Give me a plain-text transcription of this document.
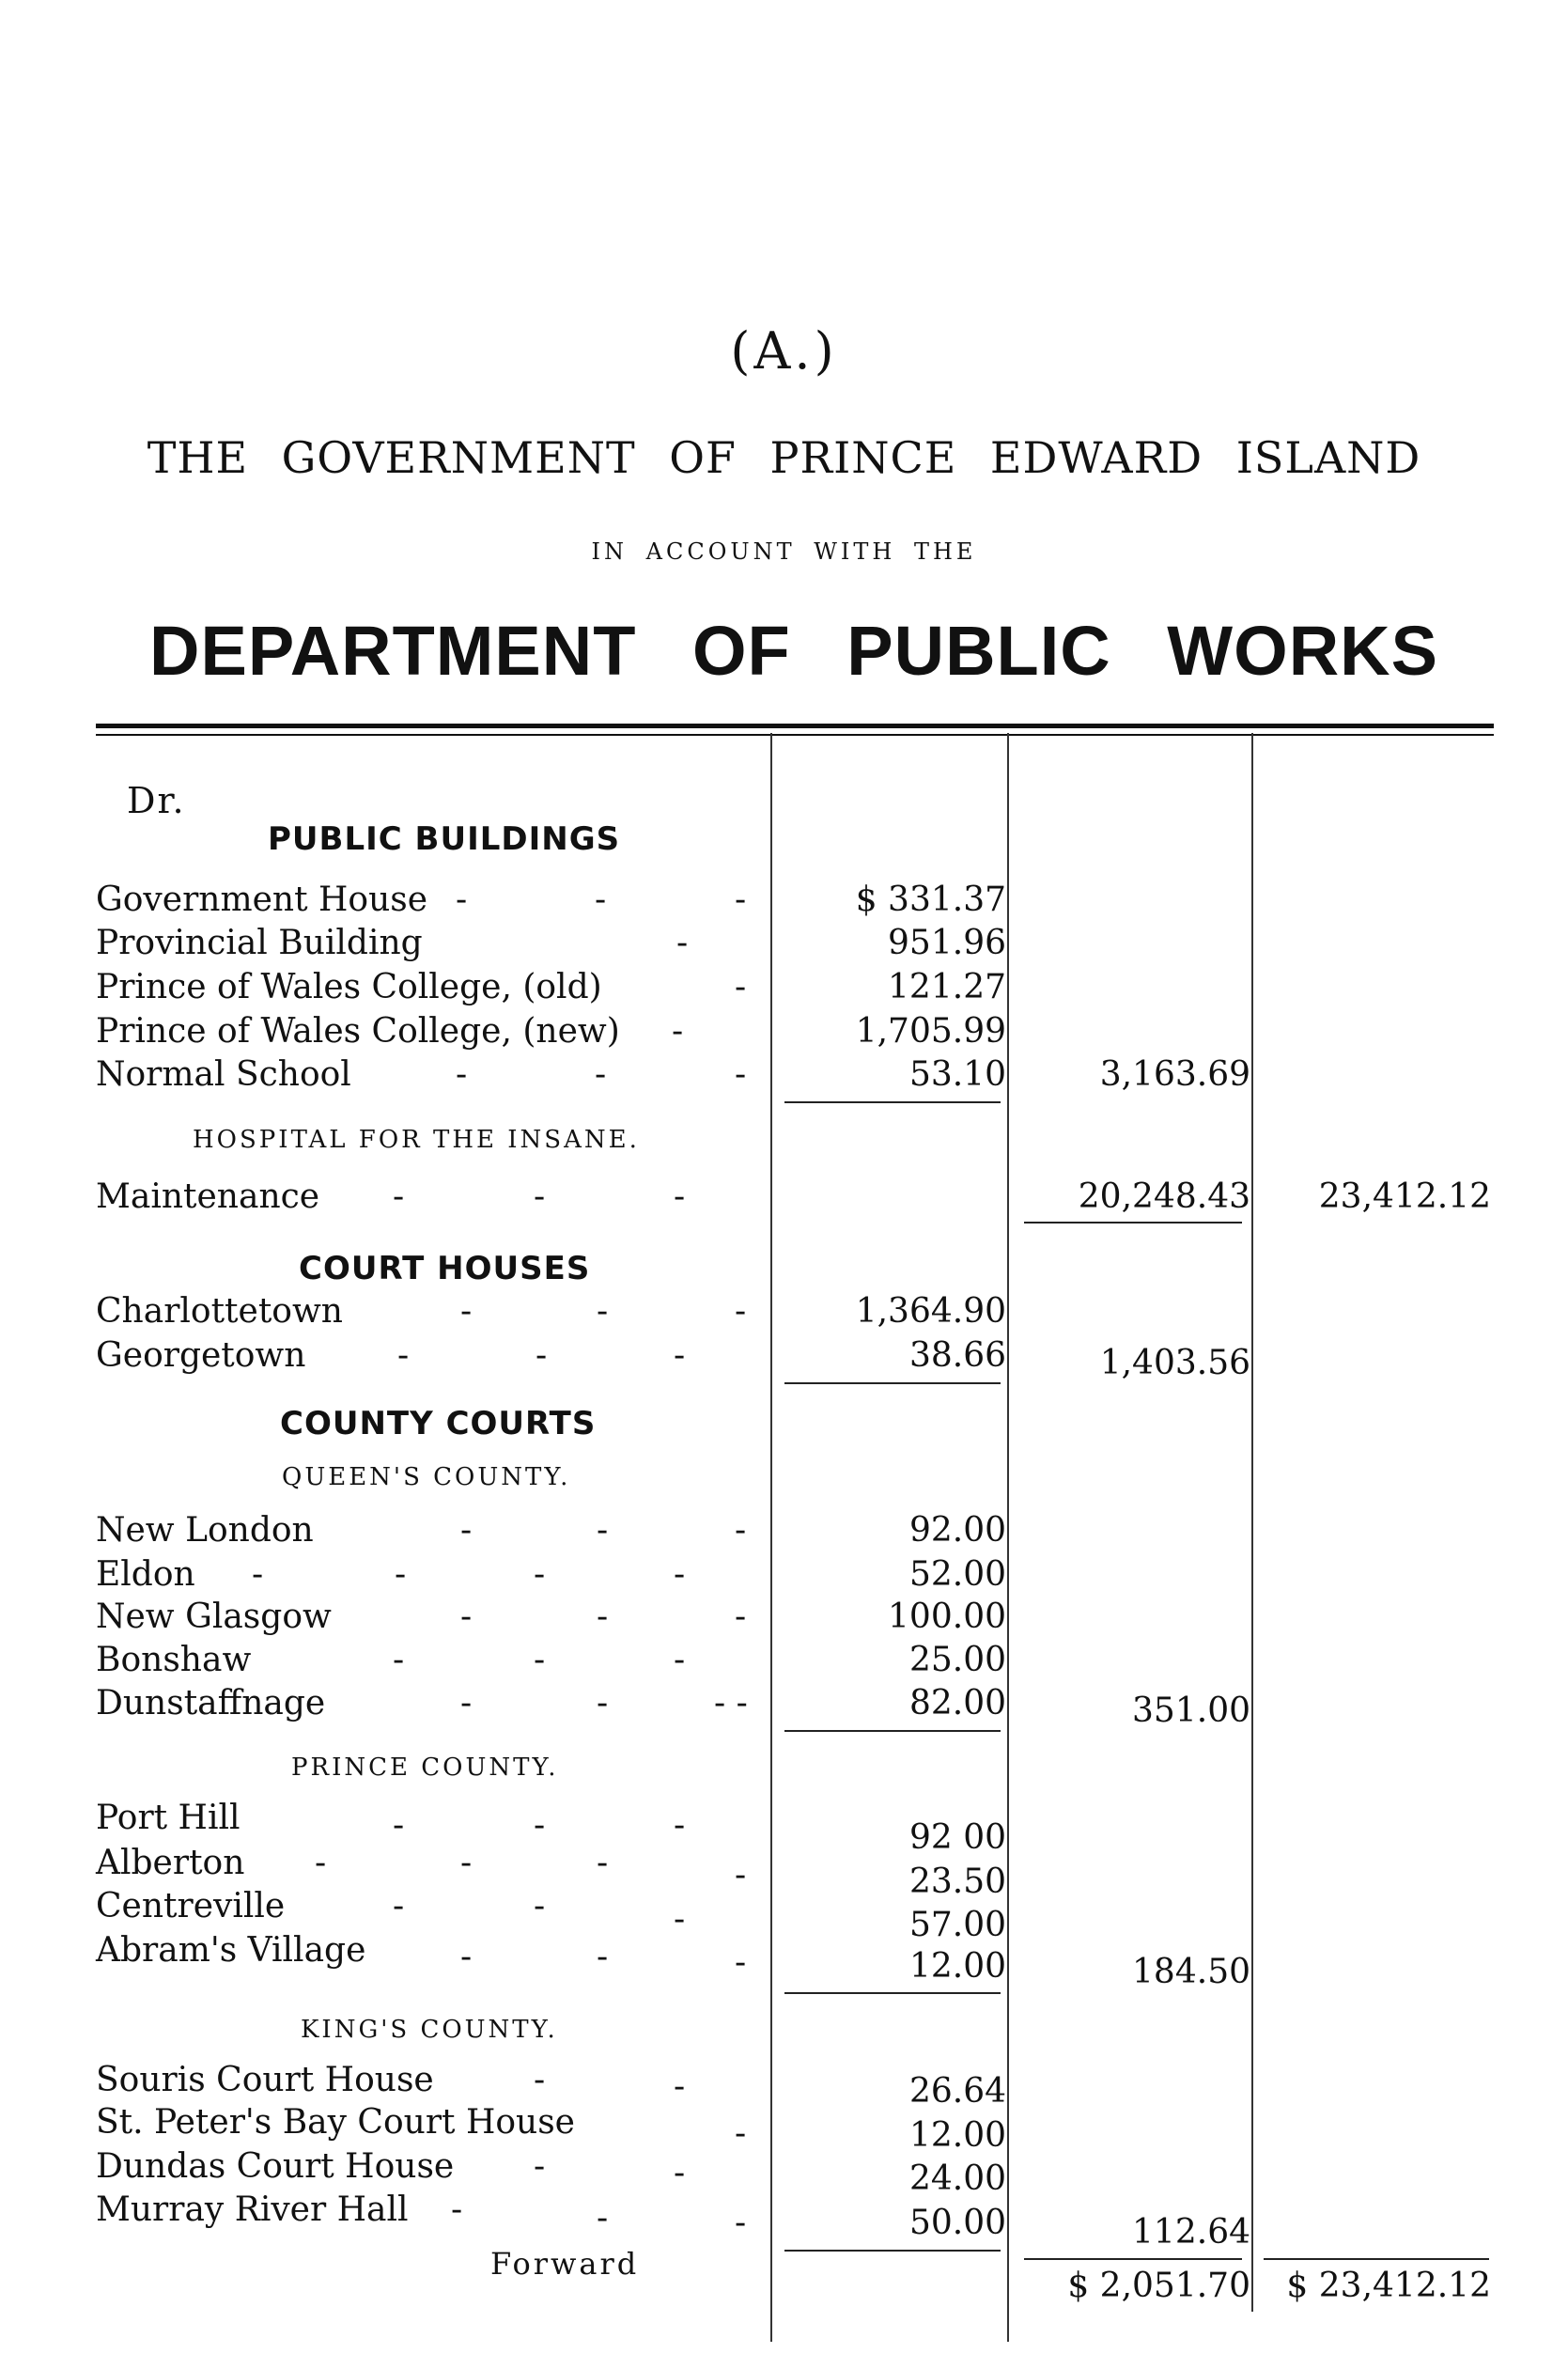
(A.)
THE GOVERNMENT OF PRINCE EDWARD ISLAND
IN ACCOUNT WITH THE
DEPARTMENT OF PUBLIC WORKS
Dr.
PUBLIC BUILDINGS
Government House -	-	-	$ 331.37
Provincial Building	-	951.96
Prince of Wales College, (old)	-	121.27
Prince of Wales College, (new) -	1,705.99
Normal School	-	-	-	53.10	3,163.69
HOSPITAL FOR THE INSANE.
Maintenance -	-	-	20,248.43 23,412.12
COURT HOUSES
Charlottetown	-	-	-	1,364.90
Georgetown	-	-	-	38.66	1,403.56
COUNTY COURTS
QUEEN'S COUNTY.
New London	-	-	-	92.00
Eldon -	-	-	-	52.00
New Glasgow	-	-	-	100.00
Bonshaw	-	-	-	25.00
Dunstaffnage	-	-	- -	82.00	351.00
PRINCE COUNTY.
Port Hill	-	-	-	92 00
Alberton -	-	-	-	23.50
Centreville	-	-	-	57.00
Abram's Village	-	-	-	12.00	184.50
KING'S COUNTY.
Souris Court House	-	-	26.64
St. Peter's Bay Court House	-	12.00
Dundas Court House -	-	24.00
Murray River Hall -	-	-	50.00	112.64
Forward
$ 2,051.70 $ 23,412.12
